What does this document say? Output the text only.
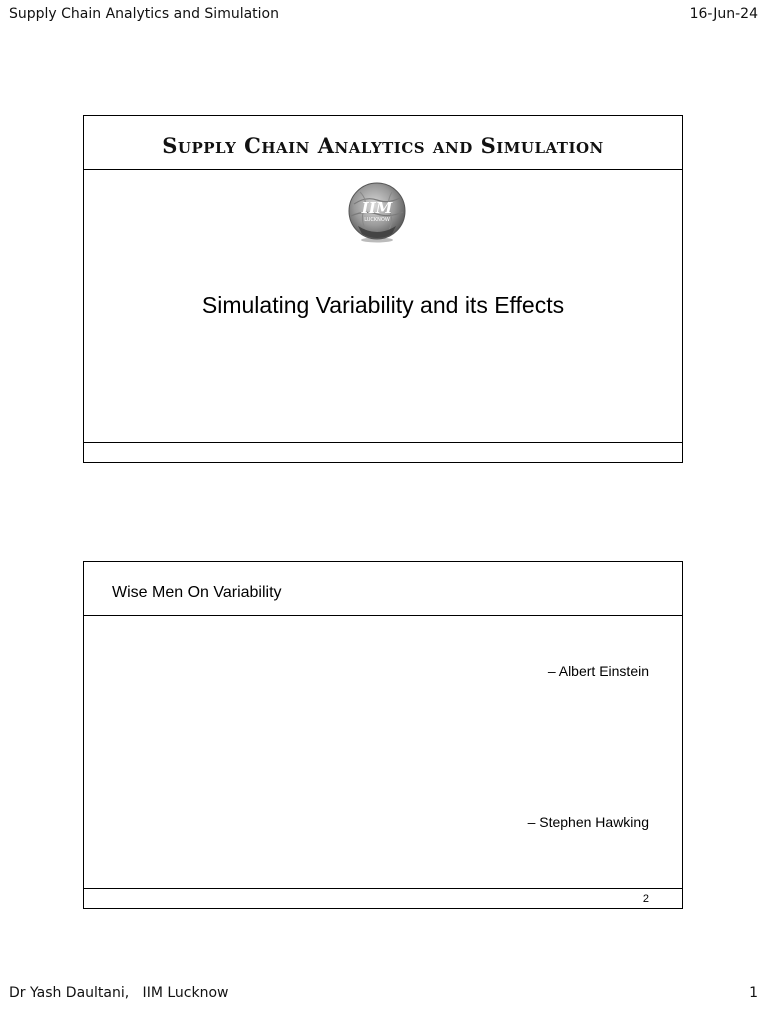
Supply Chain Analytics and Simulation	16-Jun-24
Supply Chain Analytics and Simulation
IIM
LUCKNOW
Simulating Variability and its Effects
Wise Men On Variability
– Albert Einstein
– Stephen Hawking
2
Dr Yash Daultani,   IIM Lucknow	1
